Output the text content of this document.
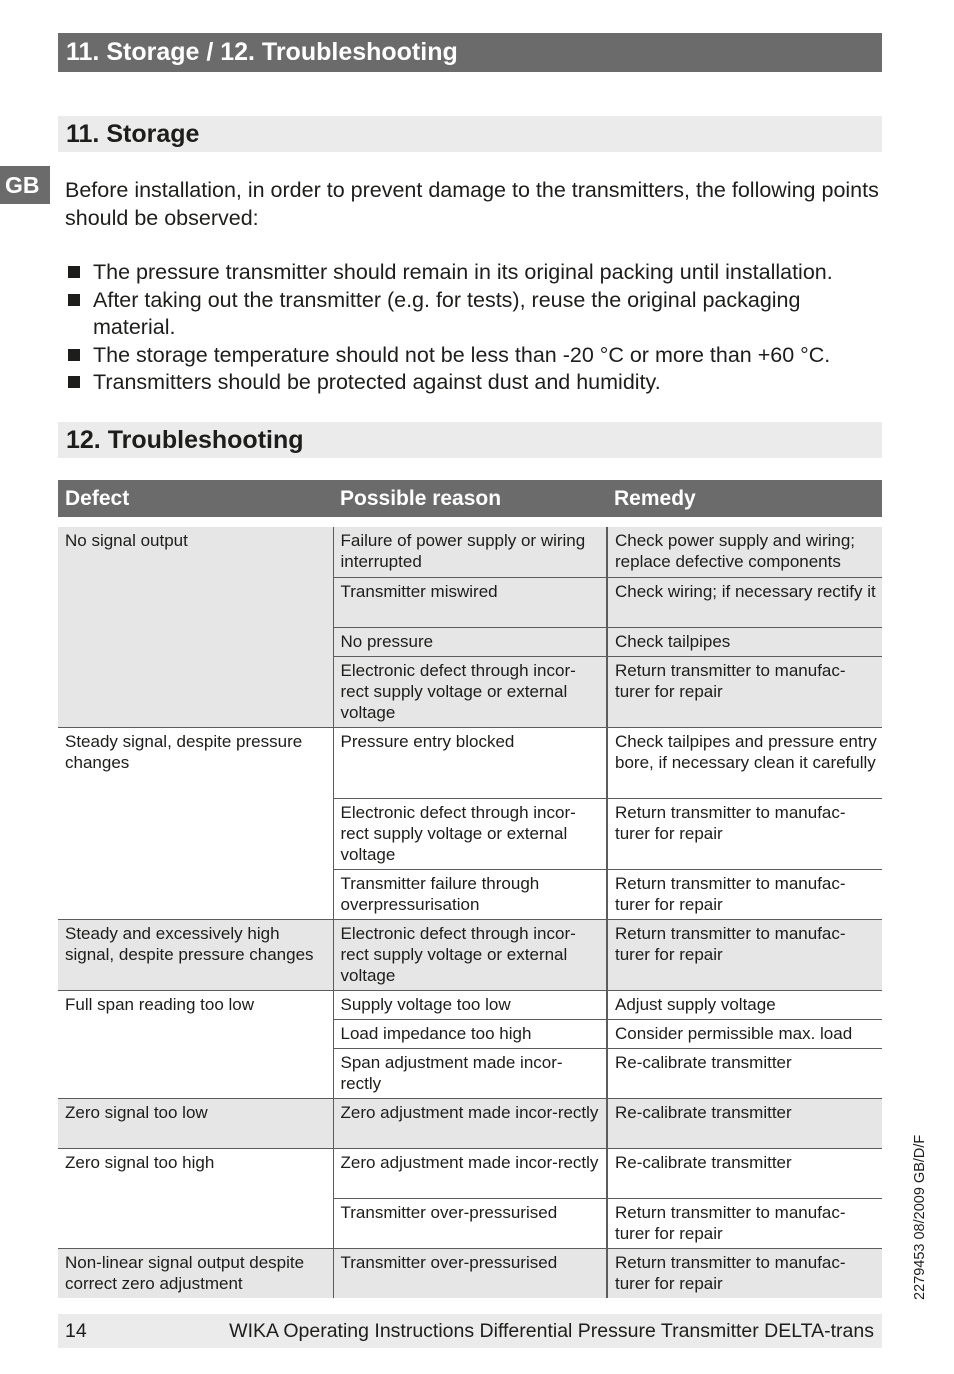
11. Storage / 12. Troubleshooting
GB
11. Storage

Before installation, in order to prevent damage to the transmitters, the following points should be observed:

The pressure transmitter should remain in its original packing until installation.
After taking out the transmitter (e.g. for tests), reuse the original packaging material.
The storage temperature should not be less than -20 °C or more than +60 °C.
Transmitters should be protected against dust and humidity.
12. Troubleshooting
Defect	Possible reason	Remedy
No signal output	Failure of power supply or wiring interrupted	Check power supply and wiring; replace defective components
	Transmitter miswired	Check wiring; if necessary rectify it
	No pressure	Check tailpipes
	Electronic defect through incor-rect supply voltage or external voltage	Return transmitter to manufac-turer for repair
Steady signal, despite pressure changes	Pressure entry blocked	Check tailpipes and pressure entry bore, if necessary clean it carefully
	Electronic defect through incor-rect supply voltage or external voltage	Return transmitter to manufac-turer for repair
	Transmitter failure through overpressurisation	Return transmitter to manufac-turer for repair
Steady and excessively high signal, despite pressure changes	Electronic defect through incor-rect supply voltage or external voltage	Return transmitter to manufac-turer for repair
Full span reading too low	Supply voltage too low	Adjust supply voltage
	Load impedance too high	Consider permissible max. load
	Span adjustment made incor-rectly	Re-calibrate transmitter
Zero signal too low	Zero adjustment made incor-rectly	Re-calibrate transmitter
Zero signal too high	Zero adjustment made incor-rectly	Re-calibrate transmitter
	Transmitter over-pressurised	Return transmitter to manufac-turer for repair
Non-linear signal output despite correct zero adjustment	Transmitter over-pressurised	Return transmitter to manufac-turer for repair	2279453 08/2009 GB/D/F
14	WIKA Operating Instructions Differential Pressure Transmitter DELTA-trans
